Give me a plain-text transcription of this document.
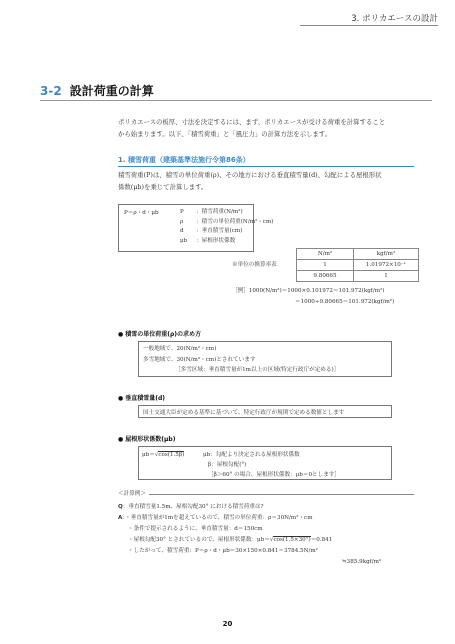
3. ポリカエースの設計
3-2 設計荷重の計算
ポリカエースの板厚、寸法を決定するには、まず、ポリカエースが受ける荷重を計算すること
から始まります。以下、「積雪荷重」と「風圧力」の計算方法を示します。
1. 積雪荷重（建築基準法施行令第86条）
積雪荷重(P)は、積雪の単位荷重(ρ)、その地方における垂直積雪量(d)、勾配による屋根形状
係数(μb)を乗じて計算します。
P＝ρ・d・μb	P ：積雪荷重(N/m²)
ρ ：積雪の単位荷重(N/m²・cm)
d ：垂直積雪量(cm)
μb ：屋根形状係数
※単位の換算率表
N/m²	kgf/m²
1	1.01972×10⁻¹
9.80665	1
［例］1000(N/m²)＝1000×0.101972＝101.972(kgf/m²)
＝1000÷9.80665＝101.972(kgf/m²)
● 積雪の単位荷重(ρ)の求め方
一般地域で、20(N/m²・cm)
多雪地域で、30(N/m²・cm)とされています
［多雪区域：垂直積雪量が1m以上の区域(特定行政庁が定める)］
● 垂直積雪量(d)
国土交通大臣が定める基準に基づいて、特定行政庁が規則で定める数値とします
● 屋根形状係数(μb)
μb＝√cos(1.5β)	μb：勾配より決定される屋根形状係数
β：屋根勾配(°)
［β＞60° の場合、屋根形状係数：μb＝0とします］
＜計算例＞
Q：垂直積雪量1.5m、屋根勾配30° における積雪荷重は?
A：・垂直積雪量が1mを超えているので、積雪の単位荷重：ρ＝30N/m²・cm
・条件で提示されるように、垂直積雪量：d＝150cm
・屋根勾配30° とされているので、屋根形状係数：μb＝√cos(1.5×30°)＝0.841
・したがって、積雪荷重：P＝ρ・d・μb＝30×150×0.841＝3784.5N/m²
≒385.9kgf/m²
20
